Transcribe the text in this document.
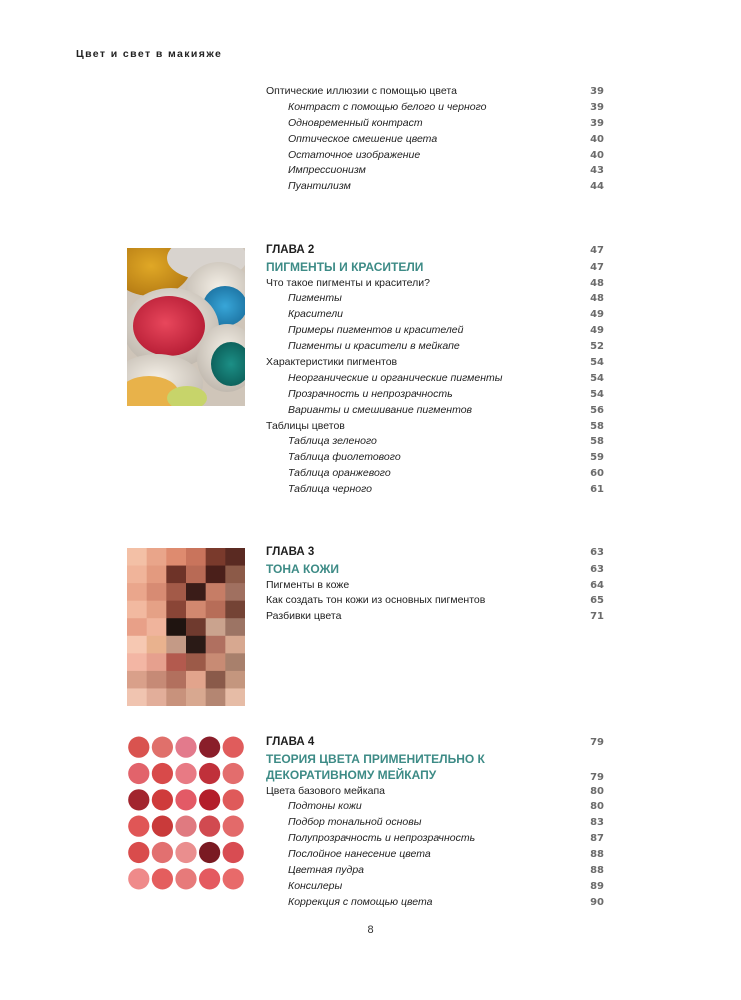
Цвет и свет в макияже
Оптические иллюзии с помощью цвета	39
Контраст с помощью белого и черного	39
Одновременный контраст	39
Оптическое смешение цвета	40
Остаточное изображение	40
Импрессионизм	43
Пуантилизм	44
ГЛАВА 2	47
ПИГМЕНТЫ И КРАСИТЕЛИ	47
Что такое пигменты и красители?	48
Пигменты	48
Красители	49
Примеры пигментов и красителей	49
Пигменты и красители в мейкапе	52
Характеристики пигментов	54
Неорганические и органические пигменты	54
Прозрачность и непрозрачность	54
Варианты и смешивание пигментов	56
Таблицы цветов	58
Таблица зеленого	58
Таблица фиолетового	59
Таблица оранжевого	60
Таблица черного	61
ГЛАВА 3	63
ТОНА КОЖИ	63
Пигменты в коже	64
Как создать тон кожи из основных пигментов	65
Разбивки цвета	71
ГЛАВА 4	79
ТЕОРИЯ ЦВЕТА ПРИМЕНИТЕЛЬНО К ДЕКОРАТИВНОМУ МЕЙКАПУ	79
Цвета базового мейкапа	80
Подтоны кожи	80
Подбор тональной основы	83
Полупрозрачность и непрозрачность	87
Послойное нанесение цвета	88
Цветная пудра	88
Консилеры	89
Коррекция с помощью цвета	90
8
